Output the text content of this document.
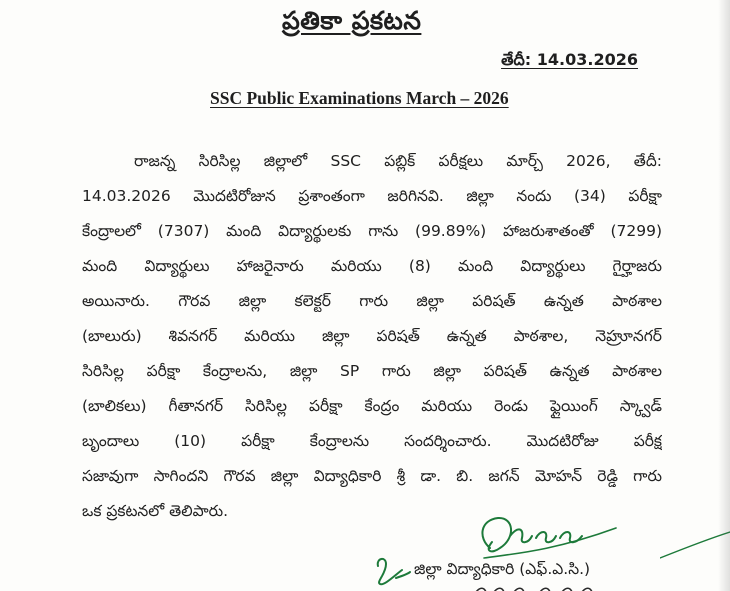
ప్రతికా ప్రకటన
తేదీ: 14.03.2026
SSC Public Examinations March – 2026
రాజన్న సిరిసిల్ల జిల్లాలో SSC పబ్లిక్ పరీక్షలు మార్చ్ 2026, తేదీ:
14.03.2026 మొదటిరోజున ప్రశాంతంగా జరిగినవి. జిల్లా నందు (34) పరీక్షా
కేంద్రాలలో (7307) మంది విద్యార్థులకు గాను (99.89%) హాజరుశాతంతో (7299)
మంది విద్యార్థులు హాజరైనారు మరియు (8) మంది విద్యార్థులు గైర్హాజరు
అయినారు. గౌరవ జిల్లా కలెక్టర్ గారు జిల్లా పరిషత్ ఉన్నత పాఠశాల
(బాలురు) శివనగర్ మరియు జిల్లా పరిషత్ ఉన్నత పాఠశాల, నెహ్రూనగర్
సిరిసిల్ల పరీక్షా కేంద్రాలను, జిల్లా SP గారు జిల్లా పరిషత్ ఉన్నత పాఠశాల
(బాలికలు) గీతానగర్ సిరిసిల్ల పరీక్షా కేంద్రం మరియు రెండు ఫ్లైయింగ్ స్క్వాడ్
బృందాలు (10) పరీక్షా కేంద్రాలను సందర్శించారు. మొదటిరోజు పరీక్ష
సజావుగా సాగిందని గౌరవ జిల్లా విద్యాధికారి శ్రీ డా. బి. జగన్ మోహన్ రెడ్డి గారు
ఒక ప్రకటనలో తెలిపారు.
జిల్లా విద్యాధికారి (ఎఫ్.ఎ.సి.)
